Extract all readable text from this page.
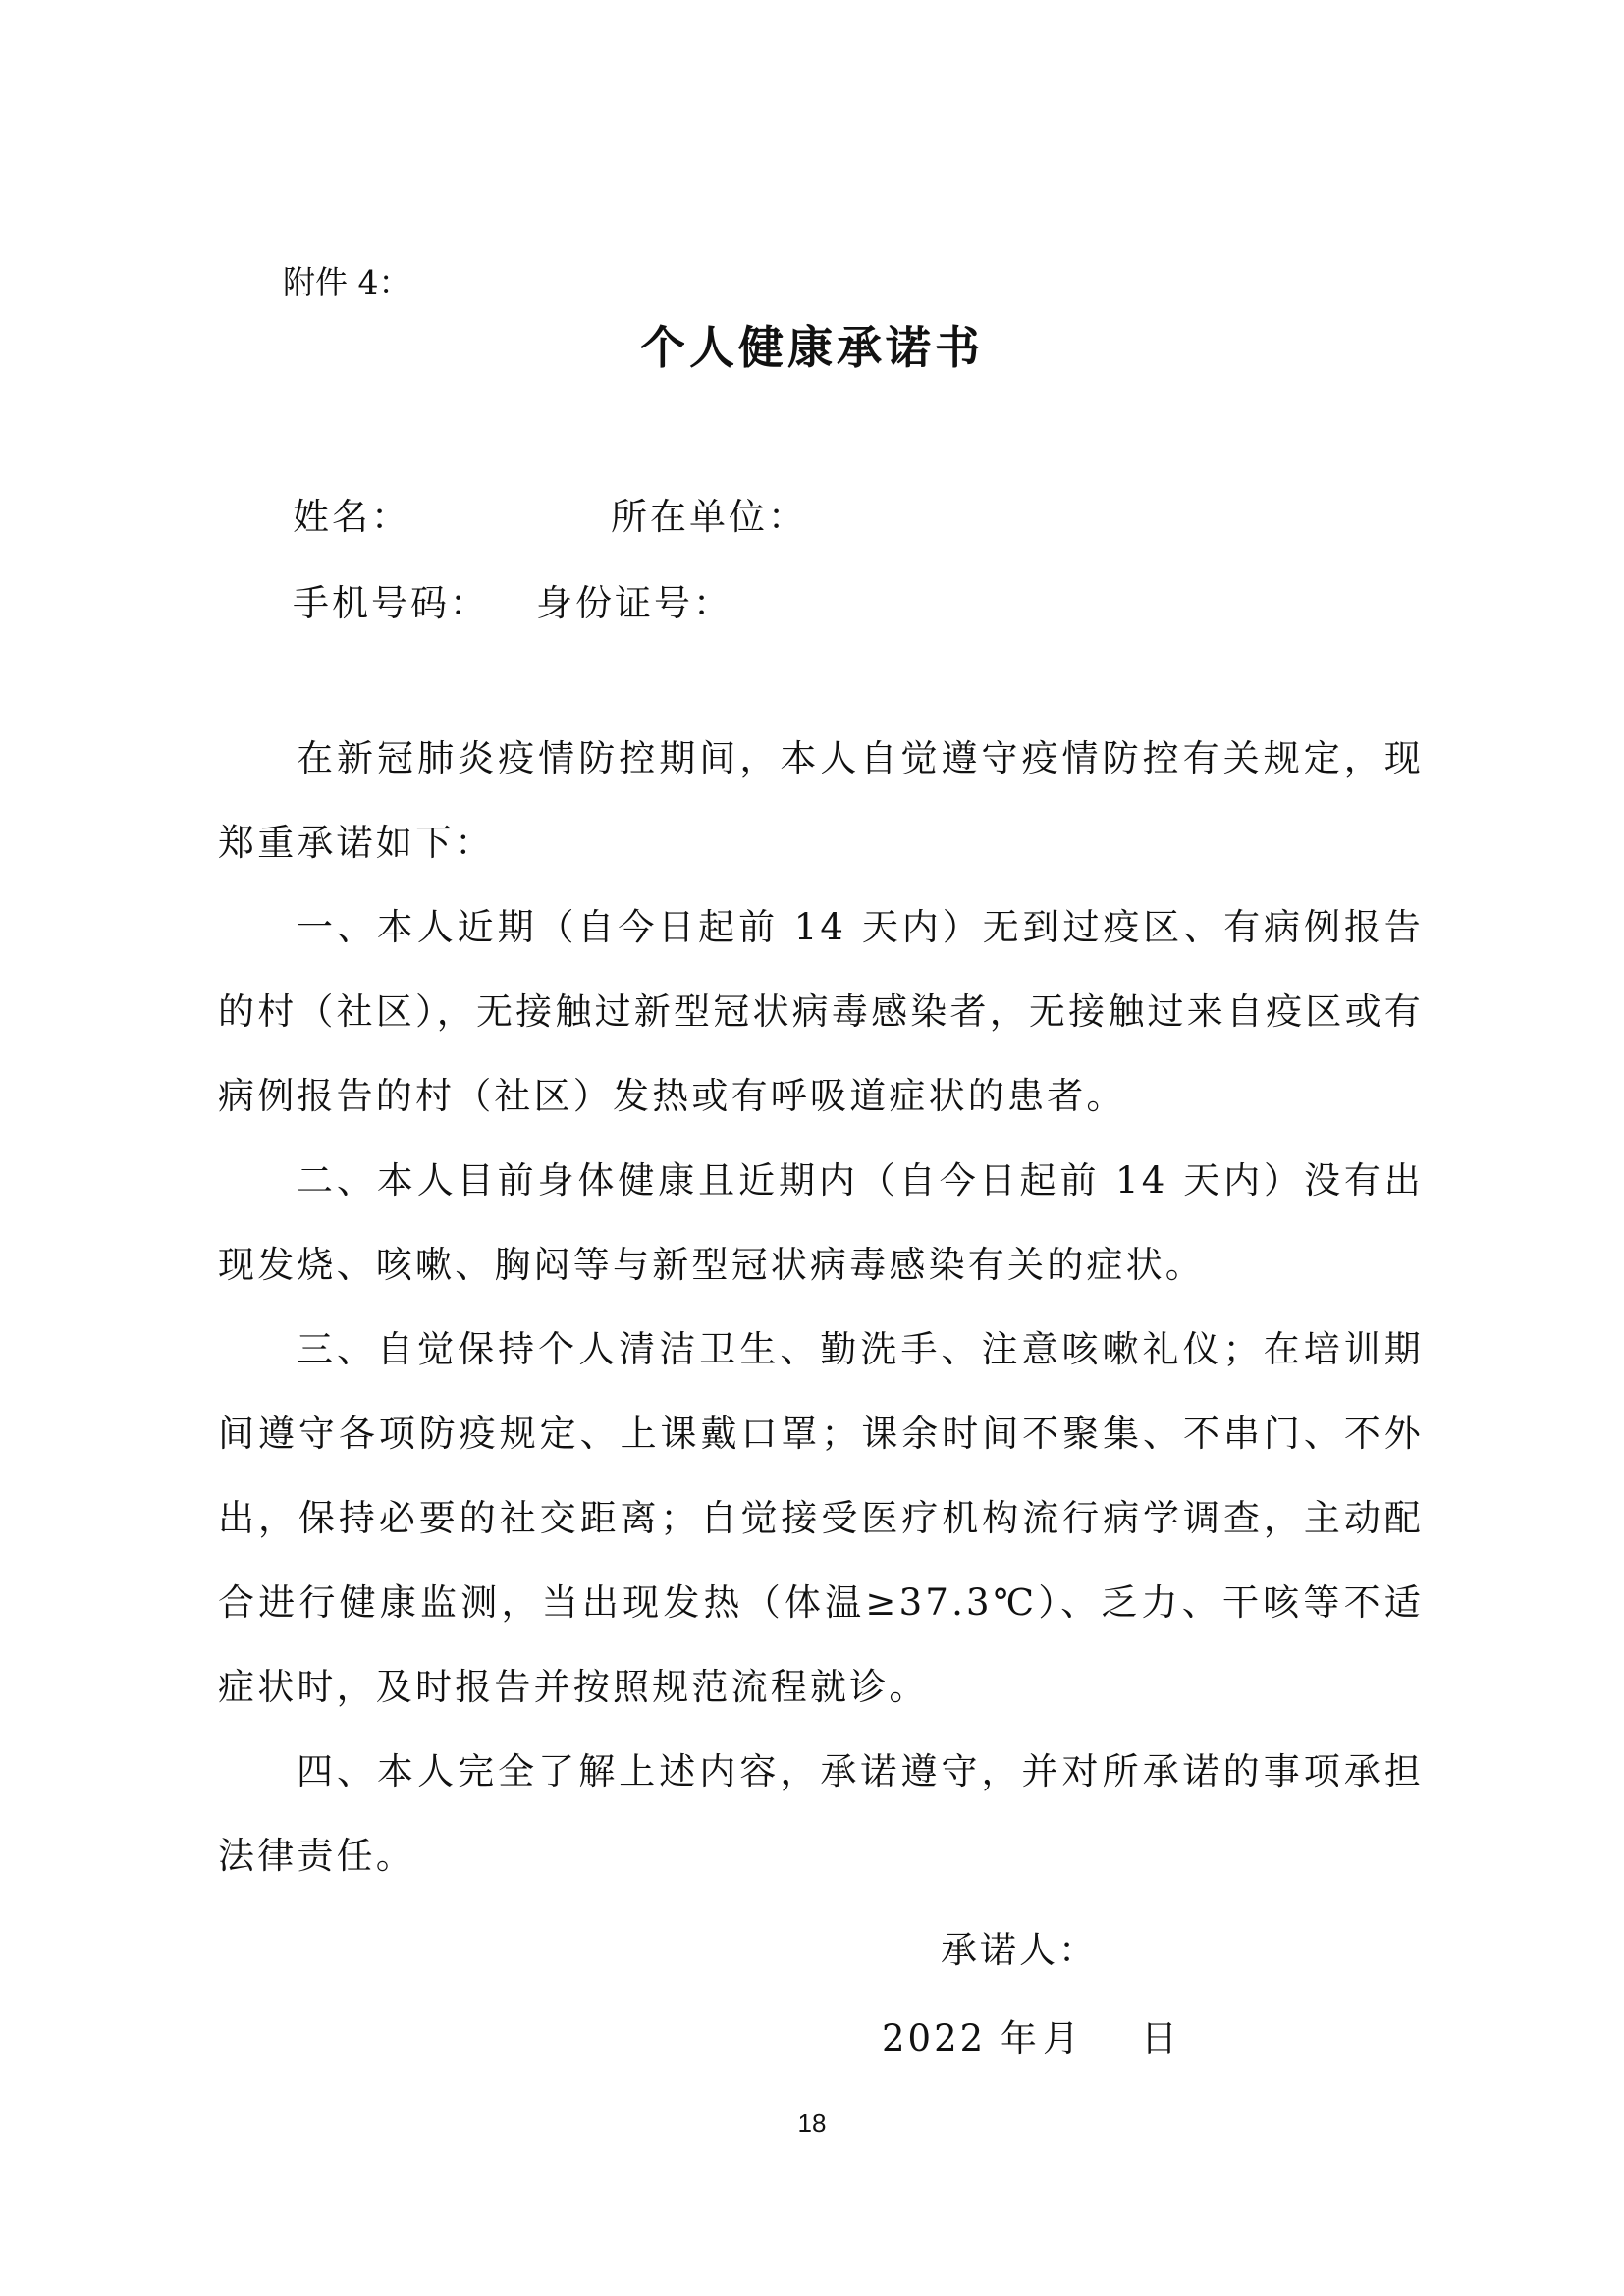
附件 4：
个人健康承诺书
姓名：	所在单位：
手机号码： 身份证号：

在新冠肺炎疫情防控期间，本人自觉遵守疫情防控有关规定，现郑重承诺如下：

一、本人近期（自今日起前 14 天内）无到过疫区、有病例报告的村（社区），无接触过新型冠状病毒感染者，无接触过来自疫区或有病例报告的村（社区）发热或有呼吸道症状的患者。

二、本人目前身体健康且近期内（自今日起前 14 天内）没有出现发烧、咳嗽、胸闷等与新型冠状病毒感染有关的症状。

三、自觉保持个人清洁卫生、勤洗手、注意咳嗽礼仪；在培训期间遵守各项防疫规定、上课戴口罩；课余时间不聚集、不串门、不外出，保持必要的社交距离；自觉接受医疗机构流行病学调查，主动配合进行健康监测，当出现发热（体温≥37.3℃）、乏力、干咳等不适症状时，及时报告并按照规范流程就诊。

四、本人完全了解上述内容，承诺遵守，并对所承诺的事项承担法律责任。

承诺人：
2022 年 月 日
18
